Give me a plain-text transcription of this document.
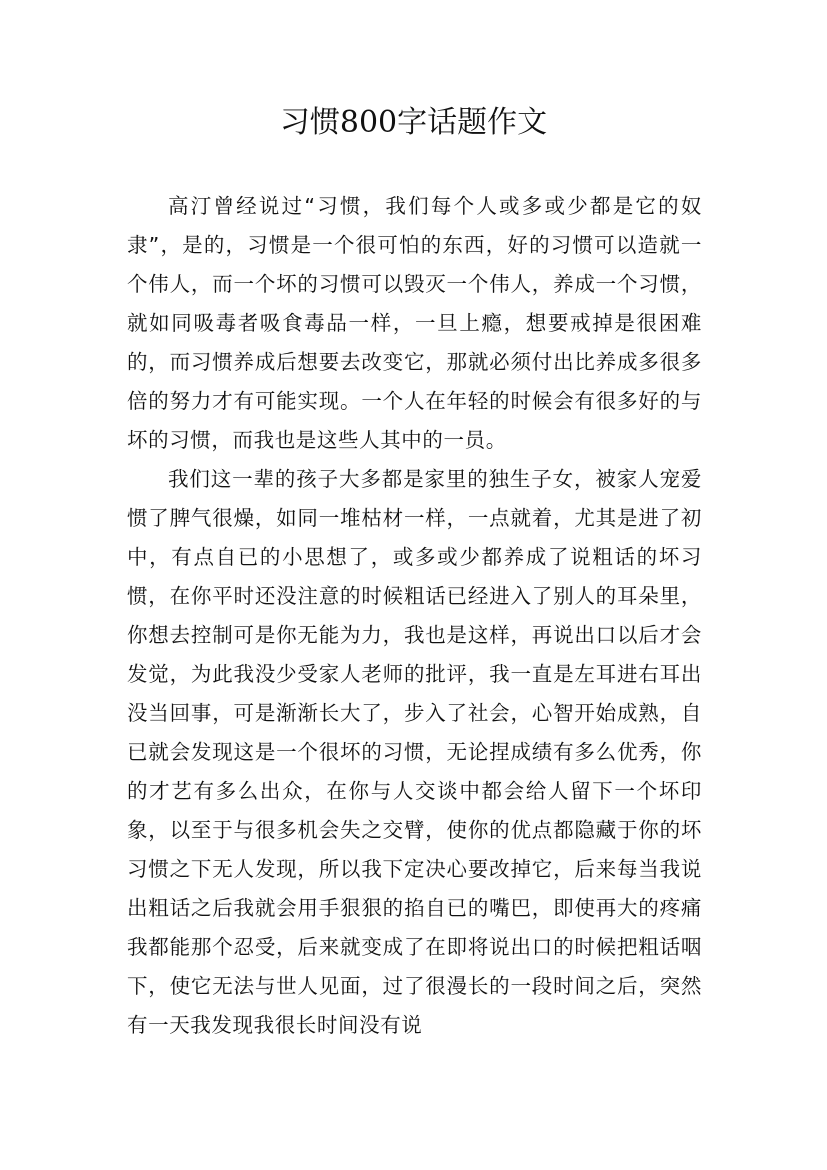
习惯800字话题作文

高汀曾经说过“习惯，我们每个人或多或少都是它的奴隶”，是的，习惯是一个很可怕的东西，好的习惯可以造就一个伟人，而一个坏的习惯可以毁灭一个伟人，养成一个习惯，就如同吸毒者吸食毒品一样，一旦上瘾，想要戒掉是很困难的，而习惯养成后想要去改变它，那就必须付出比养成多很多倍的努力才有可能实现。一个人在年轻的时候会有很多好的与坏的习惯，而我也是这些人其中的一员。

我们这一辈的孩子大多都是家里的独生子女，被家人宠爱惯了脾气很燥，如同一堆枯材一样，一点就着，尤其是进了初中，有点自已的小思想了，或多或少都养成了说粗话的坏习惯，在你平时还没注意的时候粗话已经进入了别人的耳朵里，你想去控制可是你无能为力，我也是这样，再说出口以后才会发觉，为此我没少受家人老师的批评，我一直是左耳进右耳出没当回事，可是渐渐长大了，步入了社会，心智开始成熟，自已就会发现这是一个很坏的习惯，无论捏成绩有多么优秀，你的才艺有多么出众，在你与人交谈中都会给人留下一个坏印象，以至于与很多机会失之交臂，使你的优点都隐藏于你的坏习惯之下无人发现，所以我下定决心要改掉它，后来每当我说出粗话之后我就会用手狠狠的掐自已的嘴巴，即使再大的疼痛我都能那个忍受，后来就变成了在即将说出口的时候把粗话咽下，使它无法与世人见面，过了很漫长的一段时间之后，突然有一天我发现我很长时间没有说
